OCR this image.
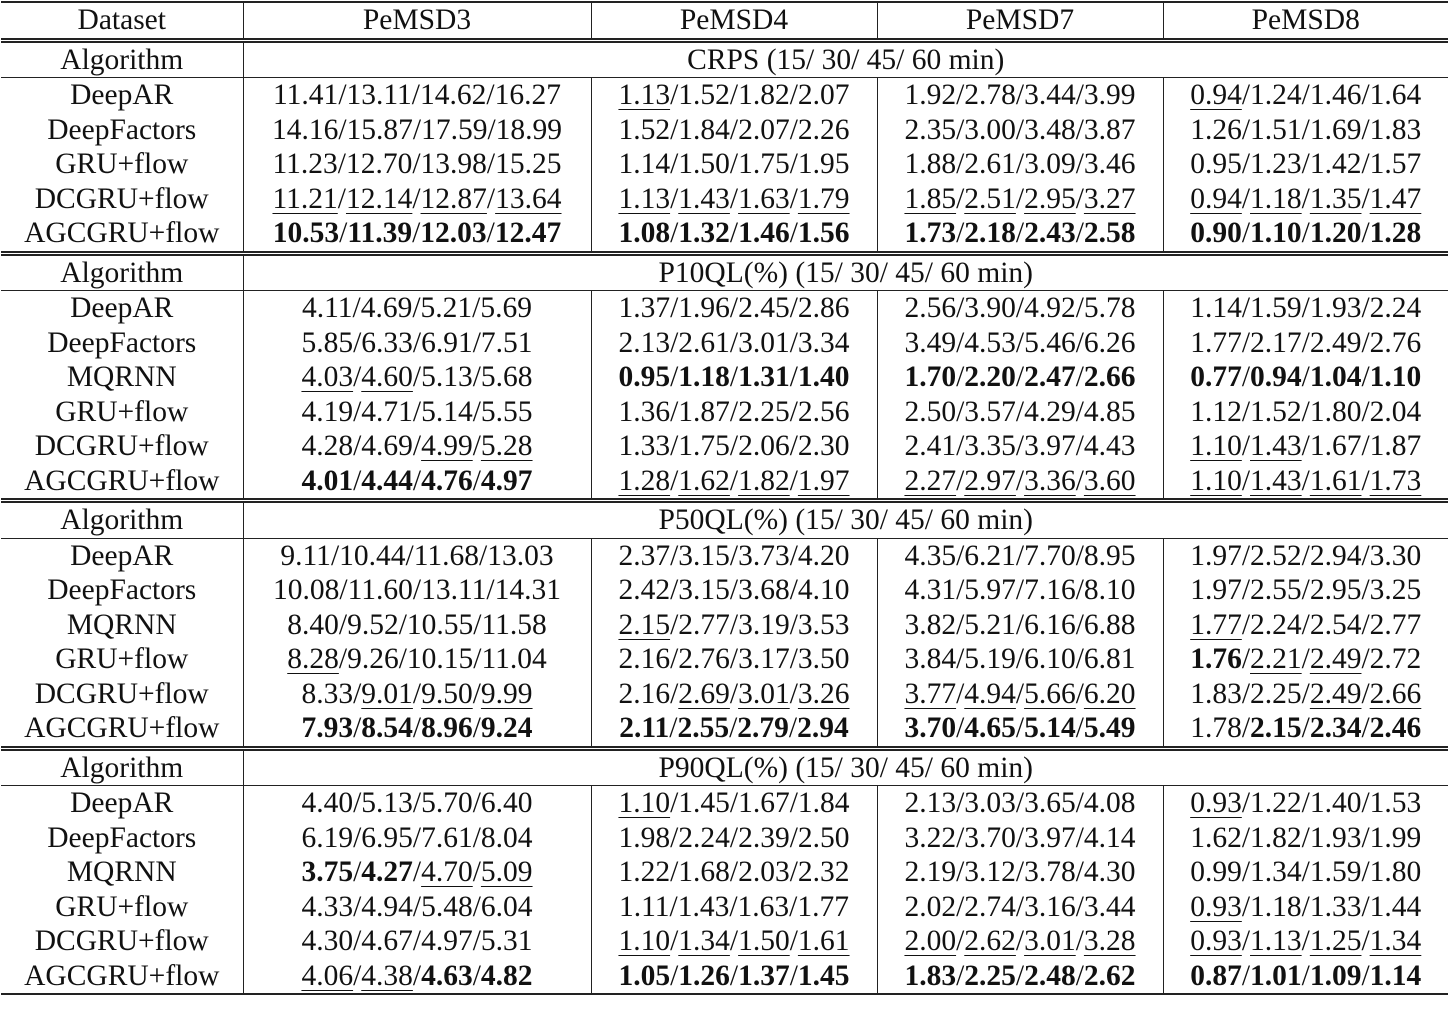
Dataset	PeMSD3	PeMSD4	PeMSD7	PeMSD8
Algorithm	CRPS (15/ 30/ 45/ 60 min)			
DeepAR	11.41/13.11/14.62/16.27	1.13/1.52/1.82/2.07	1.92/2.78/3.44/3.99	0.94/1.24/1.46/1.64
DeepFactors	14.16/15.87/17.59/18.99	1.52/1.84/2.07/2.26	2.35/3.00/3.48/3.87	1.26/1.51/1.69/1.83
GRU+flow	11.23/12.70/13.98/15.25	1.14/1.50/1.75/1.95	1.88/2.61/3.09/3.46	0.95/1.23/1.42/1.57
DCGRU+flow	11.21/12.14/12.87/13.64	1.13/1.43/1.63/1.79	1.85/2.51/2.95/3.27	0.94/1.18/1.35/1.47
AGCGRU+flow	10.53/11.39/12.03/12.47	1.08/1.32/1.46/1.56	1.73/2.18/2.43/2.58	0.90/1.10/1.20/1.28
Algorithm	P10QL(%) (15/ 30/ 45/ 60 min)			
DeepAR	4.11/4.69/5.21/5.69	1.37/1.96/2.45/2.86	2.56/3.90/4.92/5.78	1.14/1.59/1.93/2.24
DeepFactors	5.85/6.33/6.91/7.51	2.13/2.61/3.01/3.34	3.49/4.53/5.46/6.26	1.77/2.17/2.49/2.76
MQRNN	4.03/4.60/5.13/5.68	0.95/1.18/1.31/1.40	1.70/2.20/2.47/2.66	0.77/0.94/1.04/1.10
GRU+flow	4.19/4.71/5.14/5.55	1.36/1.87/2.25/2.56	2.50/3.57/4.29/4.85	1.12/1.52/1.80/2.04
DCGRU+flow	4.28/4.69/4.99/5.28	1.33/1.75/2.06/2.30	2.41/3.35/3.97/4.43	1.10/1.43/1.67/1.87
AGCGRU+flow	4.01/4.44/4.76/4.97	1.28/1.62/1.82/1.97	2.27/2.97/3.36/3.60	1.10/1.43/1.61/1.73
Algorithm	P50QL(%) (15/ 30/ 45/ 60 min)			
DeepAR	9.11/10.44/11.68/13.03	2.37/3.15/3.73/4.20	4.35/6.21/7.70/8.95	1.97/2.52/2.94/3.30
DeepFactors	10.08/11.60/13.11/14.31	2.42/3.15/3.68/4.10	4.31/5.97/7.16/8.10	1.97/2.55/2.95/3.25
MQRNN	8.40/9.52/10.55/11.58	2.15/2.77/3.19/3.53	3.82/5.21/6.16/6.88	1.77/2.24/2.54/2.77
GRU+flow	8.28/9.26/10.15/11.04	2.16/2.76/3.17/3.50	3.84/5.19/6.10/6.81	1.76/2.21/2.49/2.72
DCGRU+flow	8.33/9.01/9.50/9.99	2.16/2.69/3.01/3.26	3.77/4.94/5.66/6.20	1.83/2.25/2.49/2.66
AGCGRU+flow	7.93/8.54/8.96/9.24	2.11/2.55/2.79/2.94	3.70/4.65/5.14/5.49	1.78/2.15/2.34/2.46
Algorithm	P90QL(%) (15/ 30/ 45/ 60 min)			
DeepAR	4.40/5.13/5.70/6.40	1.10/1.45/1.67/1.84	2.13/3.03/3.65/4.08	0.93/1.22/1.40/1.53
DeepFactors	6.19/6.95/7.61/8.04	1.98/2.24/2.39/2.50	3.22/3.70/3.97/4.14	1.62/1.82/1.93/1.99
MQRNN	3.75/4.27/4.70/5.09	1.22/1.68/2.03/2.32	2.19/3.12/3.78/4.30	0.99/1.34/1.59/1.80
GRU+flow	4.33/4.94/5.48/6.04	1.11/1.43/1.63/1.77	2.02/2.74/3.16/3.44	0.93/1.18/1.33/1.44
DCGRU+flow	4.30/4.67/4.97/5.31	1.10/1.34/1.50/1.61	2.00/2.62/3.01/3.28	0.93/1.13/1.25/1.34
AGCGRU+flow	4.06/4.38/4.63/4.82	1.05/1.26/1.37/1.45	1.83/2.25/2.48/2.62	0.87/1.01/1.09/1.14
